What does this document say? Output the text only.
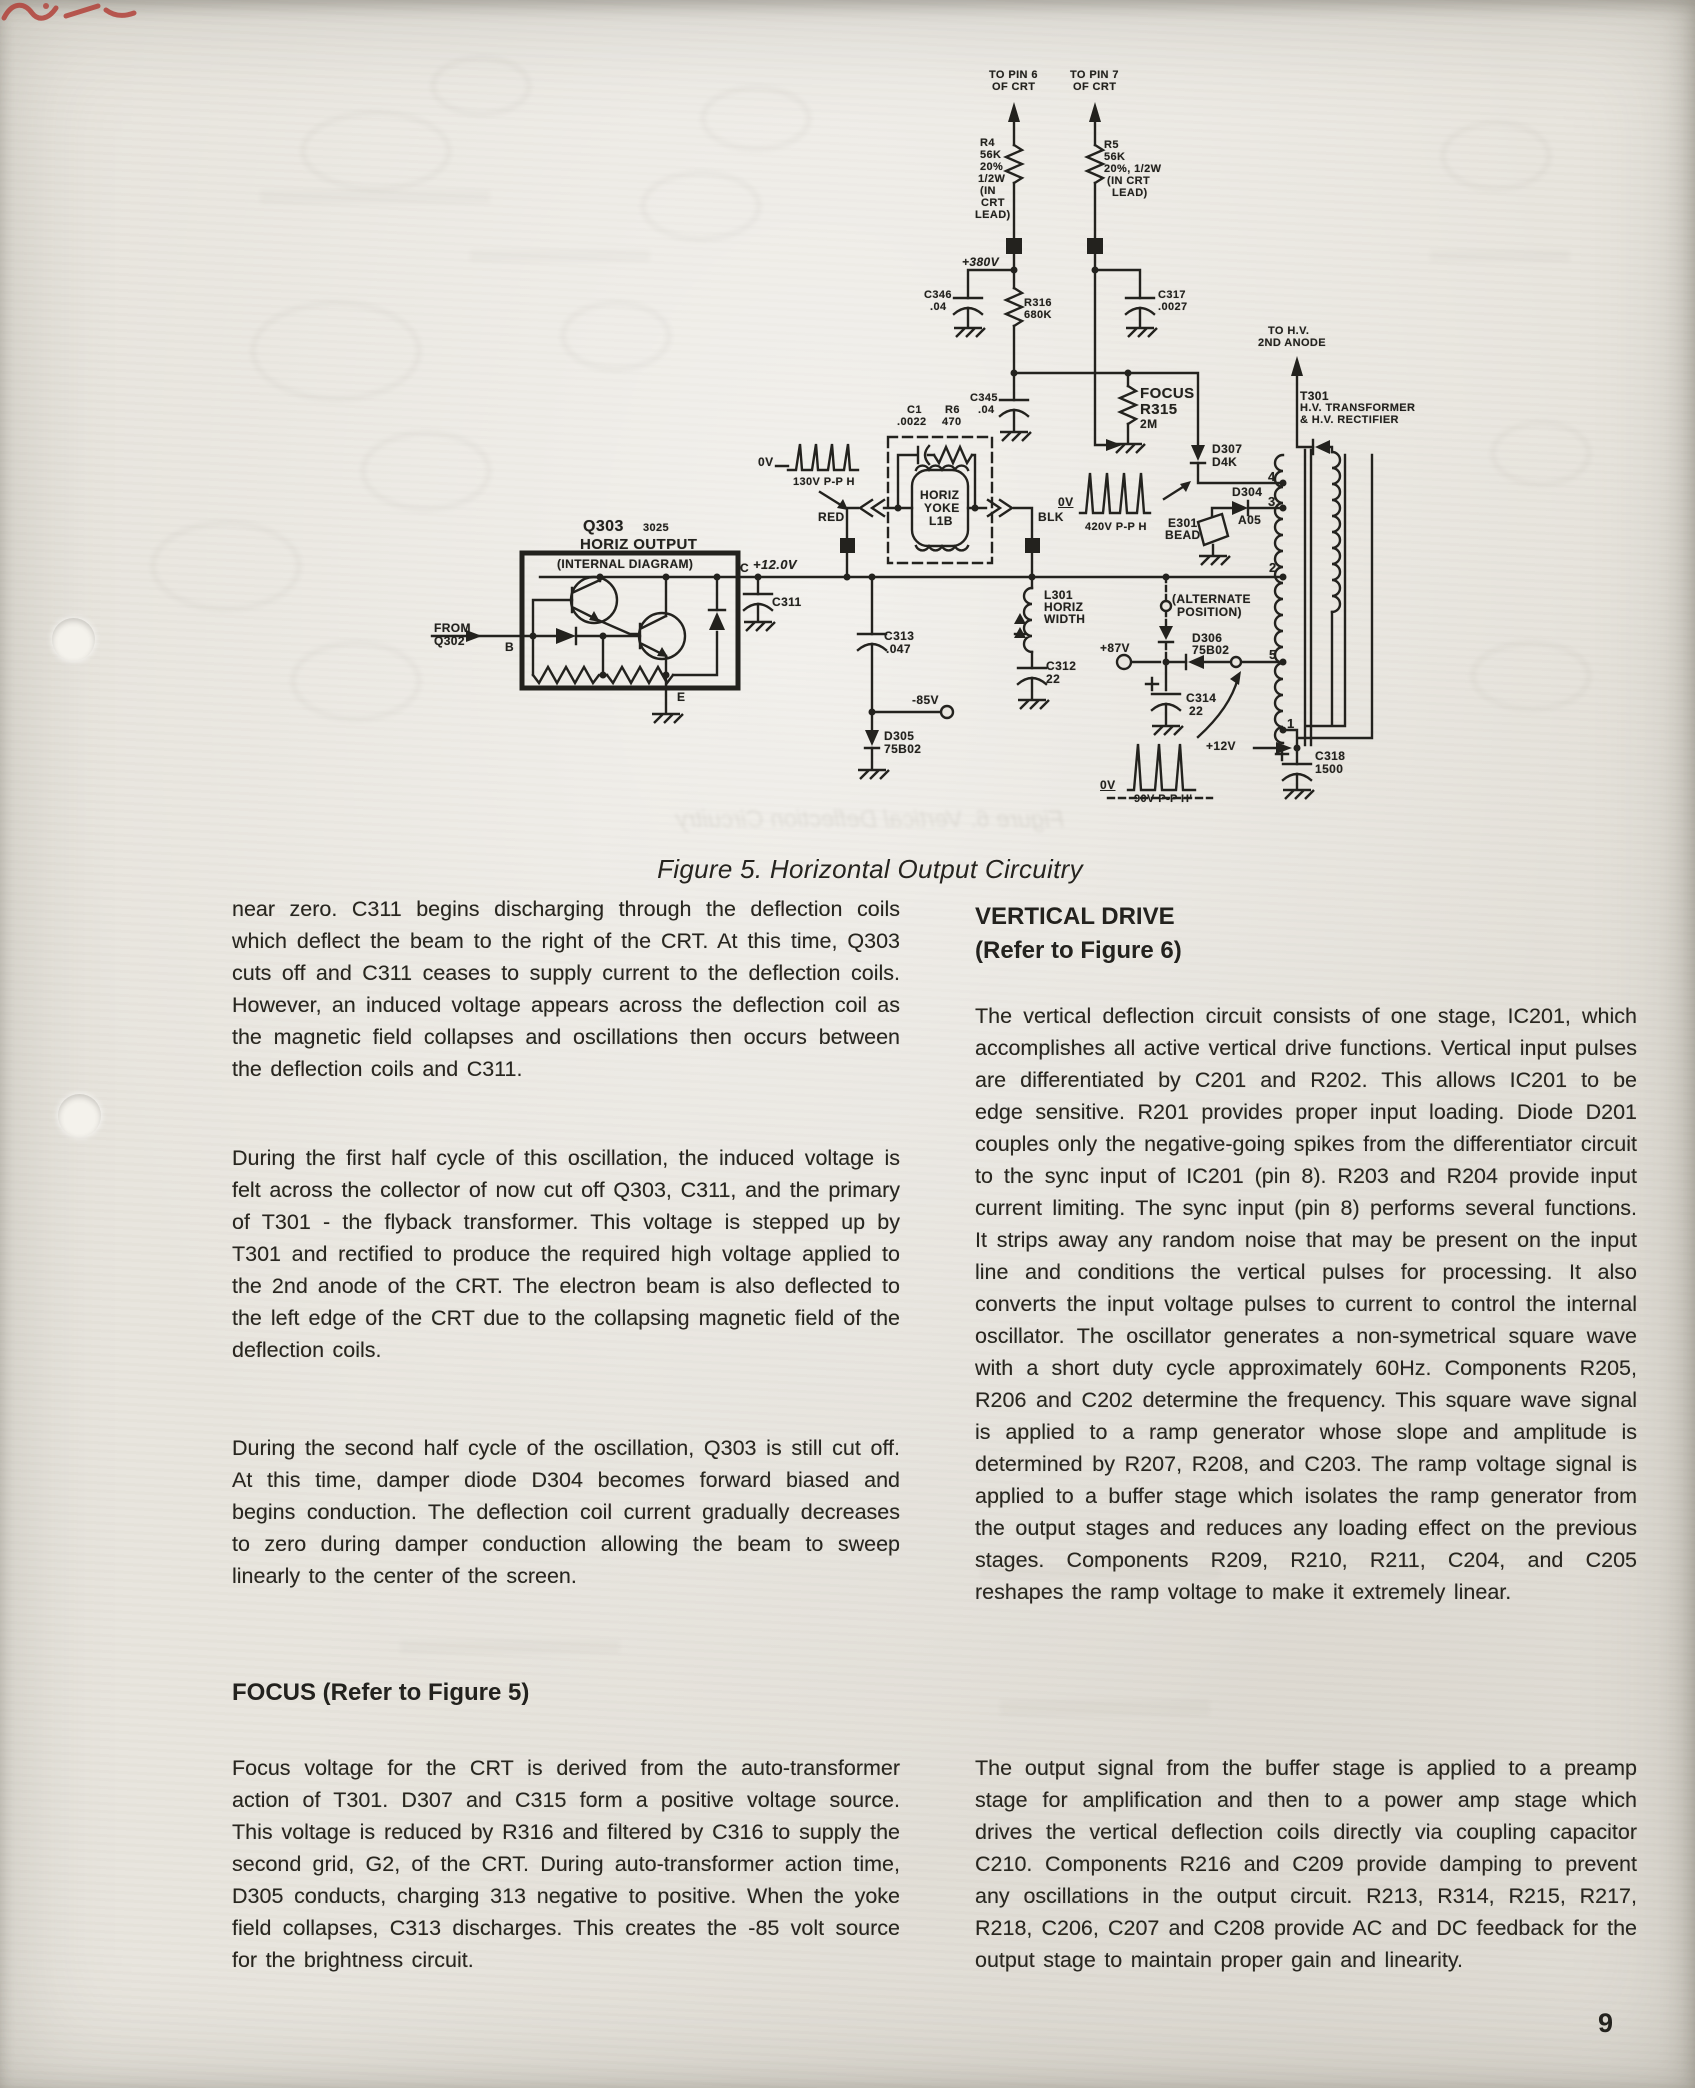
Figure 6. Vertical Deflection Circuitry
TO PIN 6
OF CRT
TO PIN 7
OF CRT
R4
56K
20%
1/2W
(IN
CRT
LEAD)
R5
56K
20%, 1/2W
(IN CRT
LEAD)
+380V
C346
.04	R316
680K
C317
.0027
TO H.V.
2ND ANODE
FOCUS
R315
2M
T301
H.V. TRANSFORMER
& H.V. RECTIFIER
C1
.0022
R6
470
C345
.04
0V
130V P-P H
HORIZ
YOKE
L1B
RED	BLK
0V
420V P-P H
D307
D4K
D304
A05
E301
BEAD
4
3
2
5
1
Q303 3025
HORIZ OUTPUT
(INTERNAL DIAGRAM)
B
E
FROM
Q302
C +12.0V
C311
C313
.047
-85V
D305
75B02
L301
HORIZ
WIDTH
C312
22
(ALTERNATE
POSITION)
D306
75B02
+87V
C314
22
+12V
C318
1500
0V
90V P-P H'

Figure 5. Horizontal Output Circuitry

near zero. C311 begins discharging through the deflection coils which deflect the beam to the right of the CRT. At this time, Q303 cuts off and C311 ceases to supply current to the deflection coils. However, an induced voltage appears across the deflection coil as the magnetic field collapses and oscillations then occurs between the deflection coils and C311.

During the first half cycle of this oscillation, the induced voltage is felt across the collector of now cut off Q303, C311, and the primary of T301 - the flyback transformer. This voltage is stepped up by T301 and rectified to produce the required high voltage applied to the 2nd anode of the CRT. The electron beam is also deflected to the left edge of the CRT due to the collapsing magnetic field of the deflection coils.

During the second half cycle of the oscillation, Q303 is still cut off. At this time, damper diode D304 becomes forward biased and begins conduction. The deflection coil current gradually decreases to zero during damper conduction allowing the beam to sweep linearly to the center of the screen.

FOCUS (Refer to Figure 5)

Focus voltage for the CRT is derived from the auto-transformer action of T301. D307 and C315 form a positive voltage source. This voltage is reduced by R316 and filtered by C316 to supply the second grid, G2, of the CRT. During auto-transformer action time, D305 conducts, charging 313 negative to positive. When the yoke field collapses, C313 discharges. This creates the -85 volt source for the brightness circuit.

VERTICAL DRIVE
(Refer to Figure 6)

The vertical deflection circuit consists of one stage, IC201, which accomplishes all active vertical drive functions. Vertical input pulses are differentiated by C201 and R202. This allows IC201 to be edge sensitive. R201 provides proper input loading. Diode D201 couples only the negative-going spikes from the differentiator circuit to the sync input of IC201 (pin 8). R203 and R204 provide input current limiting. The sync input (pin 8) performs several functions. It strips away any random noise that may be present on the input line and conditions the vertical pulses for processing. It also converts the input voltage pulses to current to control the internal oscillator. The oscillator generates a non-symetrical square wave with a short duty cycle approximately 60Hz. Components R205, R206 and C202 determine the frequency. This square wave signal is applied to a ramp generator whose slope and amplitude is determined by R207, R208, and C203. The ramp voltage signal is applied to a buffer stage which isolates the ramp generator from the output stages and reduces any loading effect on the previous stages. Components R209, R210, R211, C204, and C205 reshapes the ramp voltage to make it extremely linear.

The output signal from the buffer stage is applied to a preamp stage for amplification and then to a power amp stage which drives the vertical deflection coils directly via coupling capacitor C210. Components R216 and C209 provide damping to prevent any oscillations in the output circuit. R213, R314, R215, R217, R218, C206, C207 and C208 provide AC and DC feedback for the output stage to maintain proper gain and linearity.

9
